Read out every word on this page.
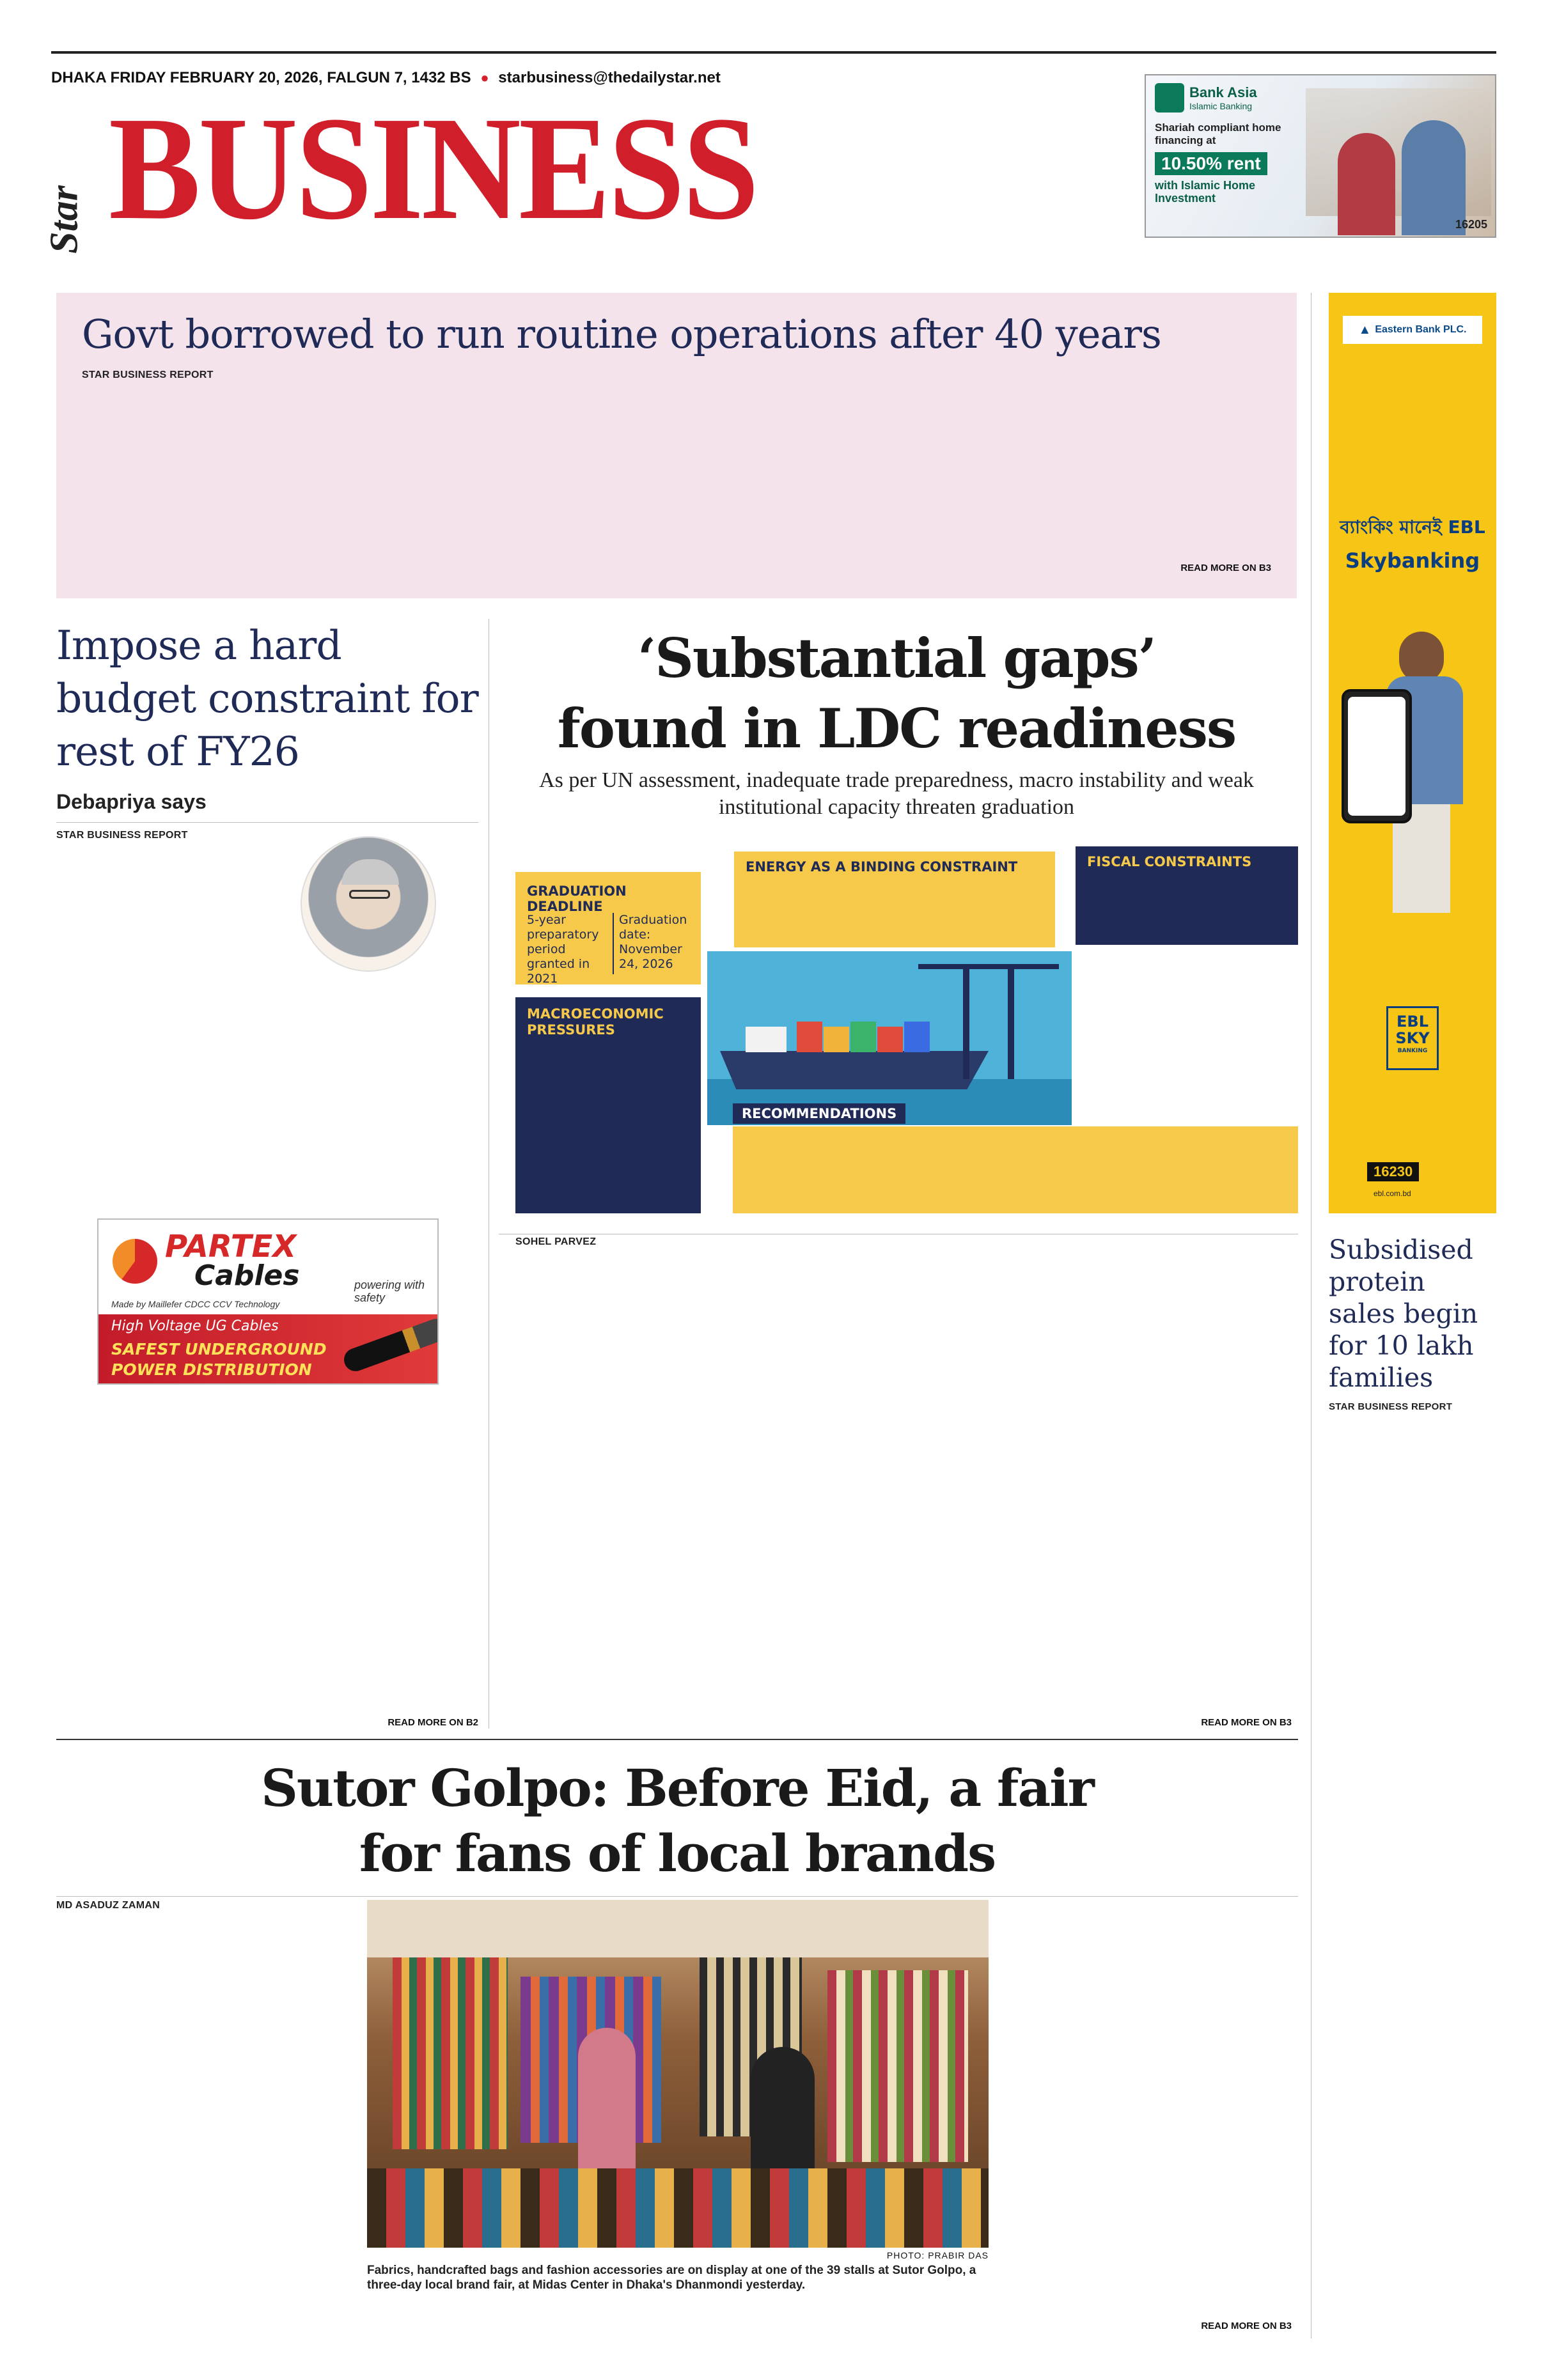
DHAKA FRIDAY FEBRUARY 20, 2026, FALGUN 7, 1432 BS ● starbusiness@thedailystar.net
Star BUSINESS	Bank Asia
Islamic Banking
Shariah compliant home financing at
10.50% rent
with Islamic Home Investment
16205
Govt borrowed to run routine operations after 40 years
STAR BUSINESS REPORT
READ MORE ON B3
▲ Eastern Bank PLC.
ব্যাংকিং মানেই EBL
Skybanking
EBL
SKY
BANKING
16230
ebl.com.bd
Impose a hard budget constraint for rest of FY26
Debapriya says
STAR BUSINESS REPORT
PARTEX
Cables	powering with safety
Made by Maillefer CDCC CCV Technology
High Voltage UG Cables
SAFEST UNDERGROUND
POWER DISTRIBUTION
READ MORE ON B2
‘Substantial gaps’
found in LDC readiness
As per UN assessment, inadequate trade preparedness, macro instability and weak institutional capacity threaten graduation
GRADUATION DEADLINE
5-year preparatory period granted in 2021
Graduation date: November 24, 2026
ENERGY AS A BINDING CONSTRAINT	FISCAL CONSTRAINTS
MACROECONOMIC PRESSURES
RECOMMENDATIONS
SOHEL PARVEZ
READ MORE ON B3
Subsidised protein sales begin for 10 lakh families
STAR BUSINESS REPORT
Sutor Golpo: Before Eid, a fair
for fans of local brands
MD ASADUZ ZAMAN
PHOTO: PRABIR DAS
Fabrics, handcrafted bags and fashion accessories are on display at one of the 39 stalls at Sutor Golpo, a three-day local brand fair, at Midas Center in Dhaka's Dhanmondi yesterday.
READ MORE ON B3
